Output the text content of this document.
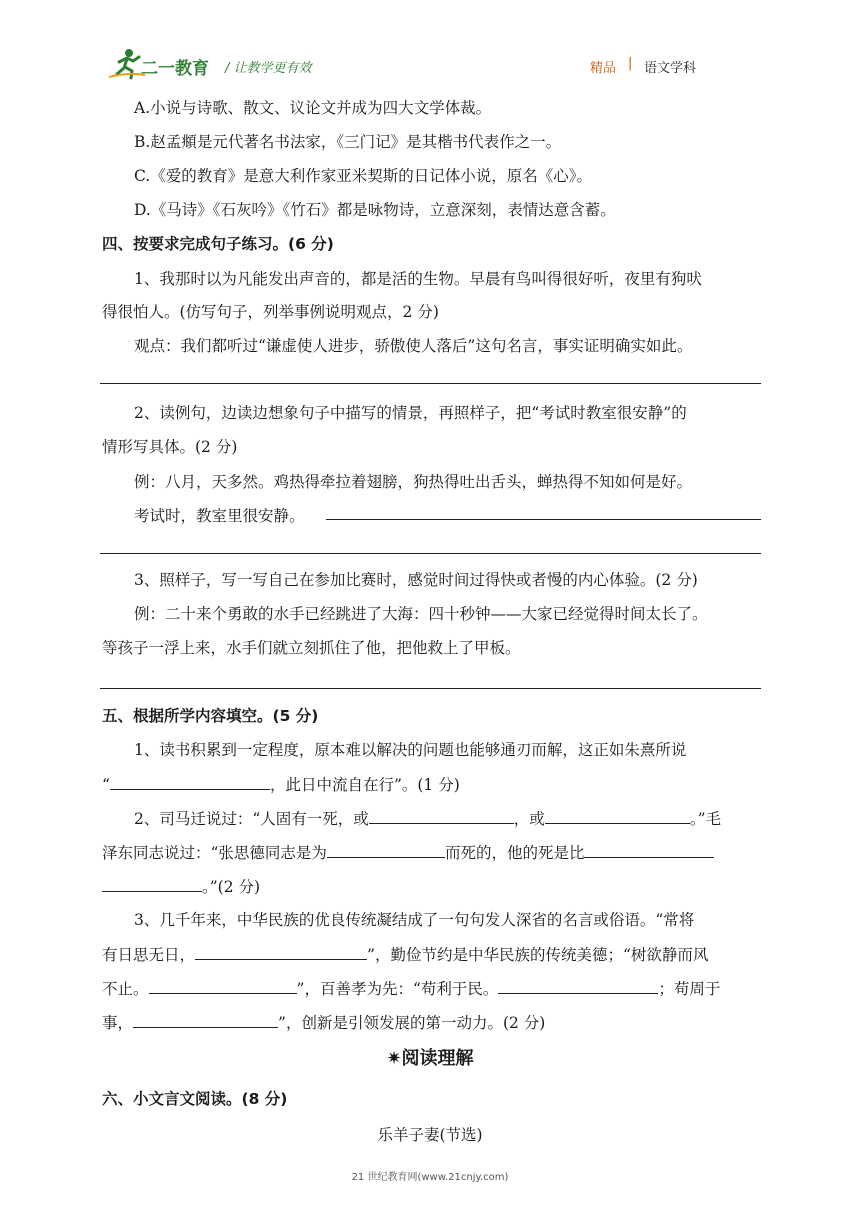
二一教育 / 让教学更有效	精品 | 语文学科
A.小说与诗歌、散文、议论文并成为四大文学体裁。
B.赵孟頫是元代著名书法家，《三门记》是其楷书代表作之一。
C.《爱的教育》是意大利作家亚米契斯的日记体小说，原名《心》。
D.《马诗》《石灰吟》《竹石》都是咏物诗，立意深刻，表情达意含蓄。
四、按要求完成句子练习。(6 分)
1、我那时以为凡能发出声音的，都是活的生物。早晨有鸟叫得很好听，夜里有狗吠
得很怕人。(仿写句子，列举事例说明观点，2 分)
观点：我们都听过“谦虚使人进步，骄傲使人落后”这句名言，事实证明确实如此。
2、读例句，边读边想象句子中描写的情景，再照样子，把“考试时教室很安静”的
情形写具体。(2 分)
例：八月，天多然。鸡热得牵拉着翅膀，狗热得吐出舌头，蝉热得不知如何是好。
考试时，教室里很安静。
3、照样子，写一写自己在参加比赛时，感觉时间过得快或者慢的内心体验。(2 分)
例：二十来个勇敢的水手已经跳进了大海：四十秒钟——大家已经觉得时间太长了。
等孩子一浮上来，水手们就立刻抓住了他，把他救上了甲板。
五、根据所学内容填空。(5 分)
1、读书积累到一定程度，原本难以解决的问题也能够通刃而解，这正如朱熹所说
“	，此日中流自在行”。(1 分)
2、司马迁说过：“人固有一死，或	，或	。”毛
泽东同志说过：“张思德同志是为	而死的，他的死是比
。”(2 分)
3、几千年来，中华民族的优良传统凝结成了一句句发人深省的名言或俗语。“常将
有日思无日，	”，勤俭节约是中华民族的传统美德；“树欲静而风
不止。	”，百善孝为先：“苟利于民。	；苟周于
事，	”，创新是引领发展的第一动力。(2 分)
✷阅读理解
六、小文言文阅读。(8 分)
乐羊子妻(节选)
21 世纪教育网(www.21cnjy.com)
